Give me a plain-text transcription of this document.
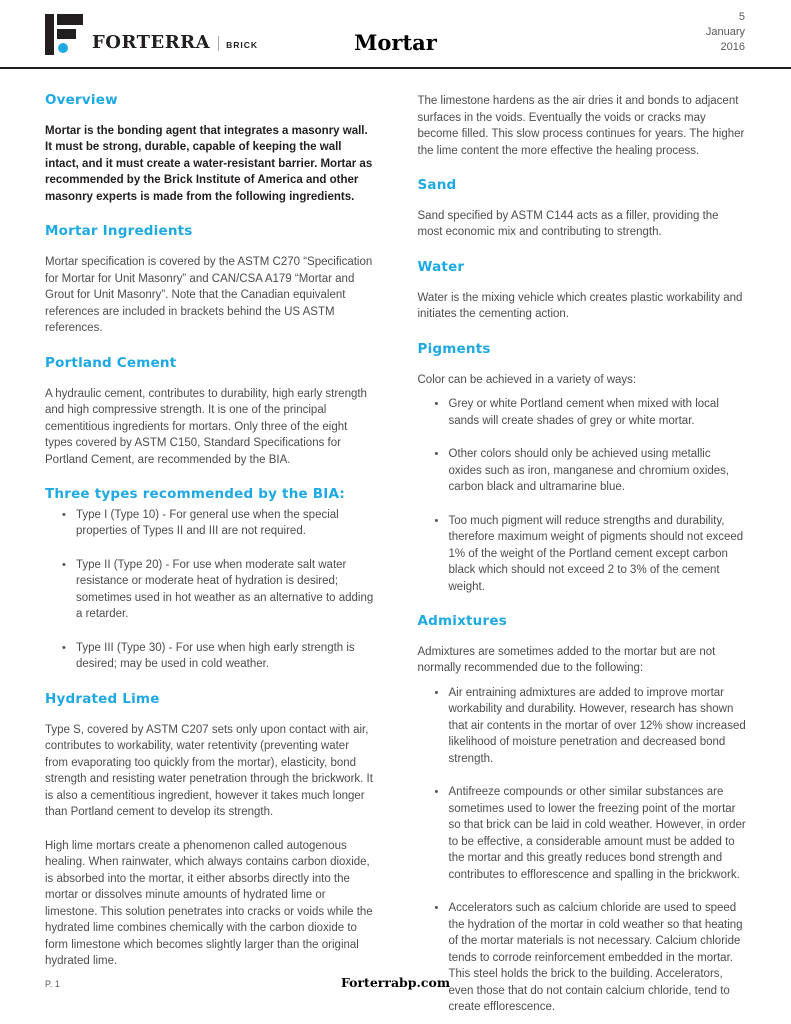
FORTERRA BRICK	Mortar
5
January
2016
Overview

Mortar is the bonding agent that integrates a masonry wall. It must be strong, durable, capable of keeping the wall intact, and it must create a water-resistant barrier. Mortar as recommended by the Brick Institute of America and other masonry experts is made from the following ingredients.

Mortar Ingredients

Mortar specification is covered by the ASTM C270 “Specification for Mortar for Unit Masonry” and CAN/CSA A179 “Mortar and Grout for Unit Masonry”. Note that the Canadian equivalent references are included in brackets behind the US ASTM references.

Portland Cement

A hydraulic cement, contributes to durability, high early strength and high compressive strength. It is one of the principal cementitious ingredients for mortars. Only three of the eight types covered by ASTM C150, Standard Specifications for Portland Cement, are recommended by the BIA.

Three types recommended by the BIA:
• Type I (Type 10) - For general use when the special properties of Types II and III are not required.
• Type II (Type 20) - For use when moderate salt water resistance or moderate heat of hydration is desired; sometimes used in hot weather as an alternative to adding a retarder.
• Type III (Type 30) - For use when high early strength is desired; may be used in cold weather.
Hydrated Lime

Type S, covered by ASTM C207 sets only upon contact with air, contributes to workability, water retentivity (preventing water from evaporating too quickly from the mortar), elasticity, bond strength and resisting water penetration through the brickwork. It is also a cementitious ingredient, however it takes much longer than Portland cement to develop its strength.

High lime mortars create a phenomenon called autogenous healing. When rainwater, which always contains carbon dioxide, is absorbed into the mortar, it either absorbs directly into the mortar or dissolves minute amounts of hydrated lime or limestone. This solution penetrates into cracks or voids while the hydrated lime combines chemically with the carbon dioxide to form limestone which becomes slightly larger than the original hydrated lime.

The limestone hardens as the air dries it and bonds to adjacent surfaces in the voids. Eventually the voids or cracks may become filled. This slow process continues for years. The higher the lime content the more effective the healing process.

Sand

Sand specified by ASTM C144 acts as a filler, providing the most economic mix and contributing to strength.

Water

Water is the mixing vehicle which creates plastic workability and initiates the cementing action.

Pigments

Color can be achieved in a variety of ways:

• Grey or white Portland cement when mixed with local sands will create shades of grey or white mortar.
• Other colors should only be achieved using metallic oxides such as iron, manganese and chromium oxides, carbon black and ultramarine blue.
• Too much pigment will reduce strengths and durability, therefore maximum weight of pigments should not exceed 1% of the weight of the Portland cement except carbon black which should not exceed 2 to 3% of the cement weight.
Admixtures

Admixtures are sometimes added to the mortar but are not normally recommended due to the following:

• Air entraining admixtures are added to improve mortar workability and durability. However, research has shown that air contents in the mortar of over 12% show increased likelihood of moisture penetration and decreased bond strength.
• Antifreeze compounds or other similar substances are sometimes used to lower the freezing point of the mortar so that brick can be laid in cold weather. However, in order to be effective, a considerable amount must be added to the mortar and this greatly reduces bond strength and contributes to efflorescence and spalling in the brickwork.
• Accelerators such as calcium chloride are used to speed the hydration of the mortar in cold weather so that heating of the mortar materials is not necessary. Calcium chloride tends to corrode reinforcement embedded in the mortar. This steel holds the brick to the building. Accelerators, even those that do not contain calcium chloride, tend to create efflorescence.
P. 1	Forterrabp.com
